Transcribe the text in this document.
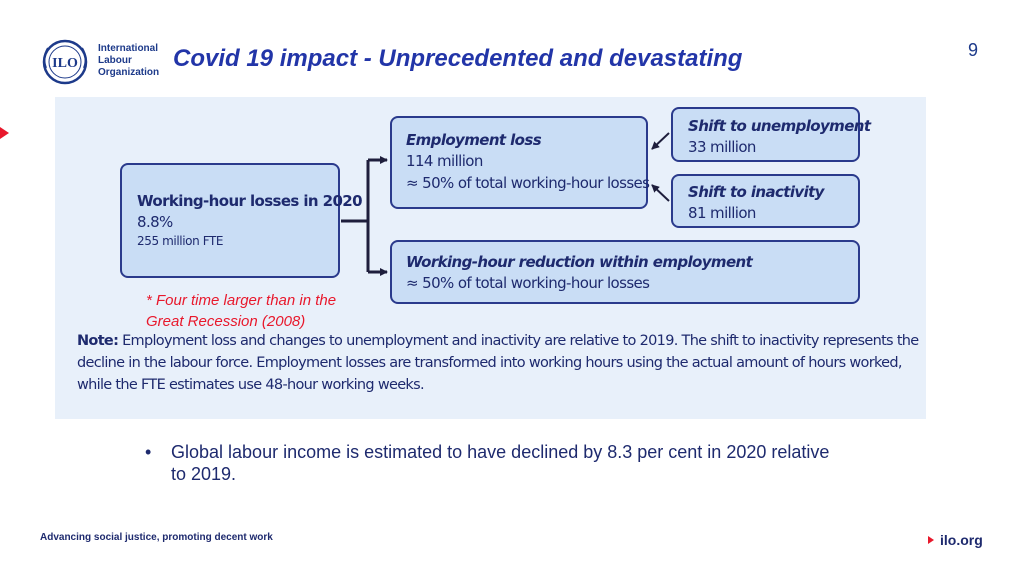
ILO
International
Labour
Organization
Covid 19 impact - Unprecedented and devastating	9
Working-hour losses in 2020
8.8%
255 million FTE
Employment loss
114 million
≈ 50% of total working-hour losses
Shift to unemployment
33 million
Shift to inactivity
81 million
Working-hour reduction within employment
≈ 50% of total working-hour losses
* Four time larger than in the
Great Recession (2008)
Note: Employment loss and changes to unemployment and inactivity are relative to 2019. The shift to inactivity represents the decline in the labour force. Employment losses are transformed into working hours using the actual amount of hours worked, while the FTE estimates use 48-hour working weeks.
• Global labour income is estimated to have declined by 8.3 per cent in 2020 relative to 2019.
Advancing social justice, promoting decent work	ilo.org
